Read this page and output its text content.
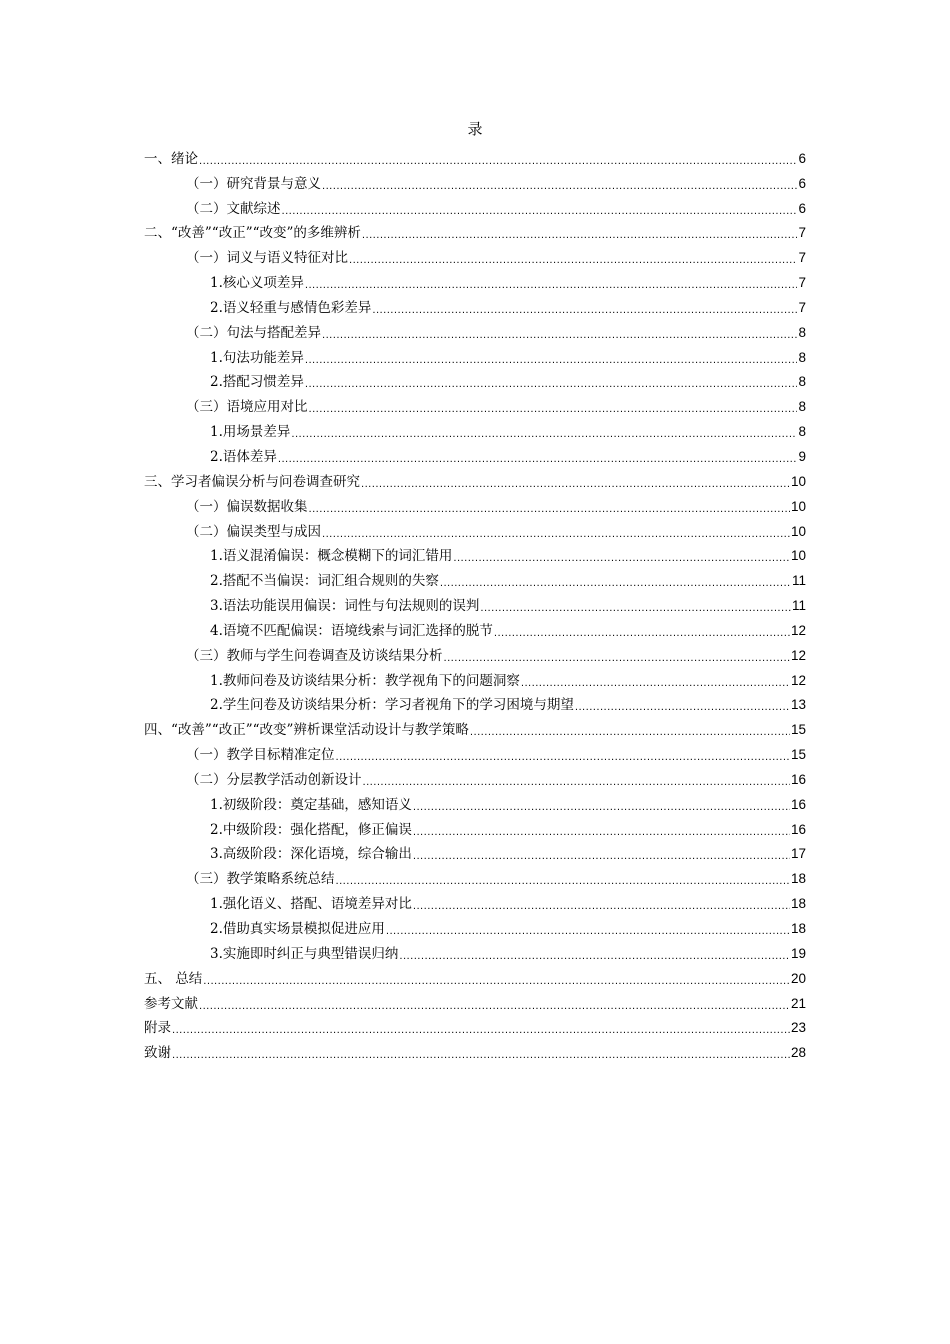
录
一、绪论 .....	6
（一）研究背景与意义 .....	6
（二）文献综述 .....	6
二、“改善”“改正”“改变”的多维辨析 .....	7
（一）词义与语义特征对比 .....	7
1.核心义项差异 .....	7
2.语义轻重与感情色彩差异 .....	7
（二）句法与搭配差异 .....	8
1.句法功能差异 .....	8
2.搭配习惯差异 .....	8
（三）语境应用对比 .....	8
1.用场景差异 .....	8
2.语体差异 .....	9
三、学习者偏误分析与问卷调查研究 .....	10
（一）偏误数据收集 .....	10
（二）偏误类型与成因 .....	10
1.语义混淆偏误：概念模糊下的词汇错用 .....	10
2.搭配不当偏误：词汇组合规则的失察 .....	11
3.语法功能误用偏误：词性与句法规则的误判 .....	11
4.语境不匹配偏误：语境线索与词汇选择的脱节 .....	12
（三）教师与学生问卷调查及访谈结果分析 .....	12
1.教师问卷及访谈结果分析：教学视角下的问题洞察 .....	12
2.学生问卷及访谈结果分析：学习者视角下的学习困境与期望 .....	13
四、“改善”“改正”“改变”辨析课堂活动设计与教学策略 .....	15
（一）教学目标精准定位 .....	15
（二）分层教学活动创新设计 .....	16
1.初级阶段：奠定基础，感知语义 .....	16
2.中级阶段：强化搭配，修正偏误 .....	16
3.高级阶段：深化语境，综合输出 .....	17
（三）教学策略系统总结 .....	18
1.强化语义、搭配、语境差异对比 .....	18
2.借助真实场景模拟促进应用 .....	18
3.实施即时纠正与典型错误归纳 .....	19
五、 总结 .....	20
参考文献 .....	21
附录 .....	23
致谢 .....	28
